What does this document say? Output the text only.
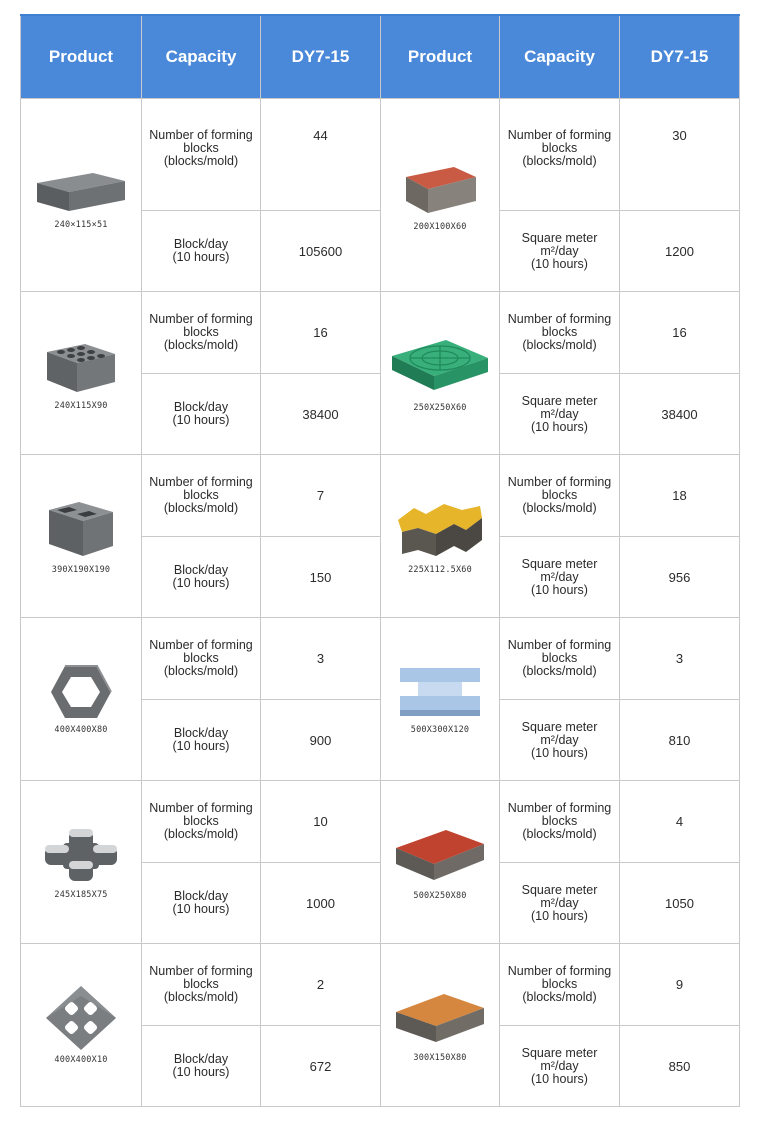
Product	Capacity	DY7-15	Product	Capacity	DY7-15

240×115×51	Number of forming
blocks
(blocks/mold)	44	200X100X60	Number of forming
blocks
(blocks/mold)	30
	Block/day
(10 hours)	105600		Square meter
m²/day
(10 hours)	1200

240X115X90	Number of forming
blocks
(blocks/mold)	16	250X250X60	Number of forming
blocks
(blocks/mold)	16
	Block/day
(10 hours)	38400		Square meter
m²/day
(10 hours)	38400

390X190X190	Number of forming
blocks
(blocks/mold)	7	225X112.5X60	Number of forming
blocks
(blocks/mold)	18
	Block/day
(10 hours)	150		Square meter
m²/day
(10 hours)	956

400X400X80	Number of forming
blocks
(blocks/mold)	3	500X300X120	Number of forming
blocks
(blocks/mold)	3
	Block/day
(10 hours)	900		Square meter
m²/day
(10 hours)	810

245X185X75	Number of forming
blocks
(blocks/mold)	10	500X250X80	Number of forming
blocks
(blocks/mold)	4
	Block/day
(10 hours)	1000		Square meter
m²/day
(10 hours)	1050

400X400X10	Number of forming
blocks
(blocks/mold)	2	300X150X80	Number of forming
blocks
(blocks/mold)	9
	Block/day
(10 hours)	672		Square meter
m²/day
(10 hours)	850
